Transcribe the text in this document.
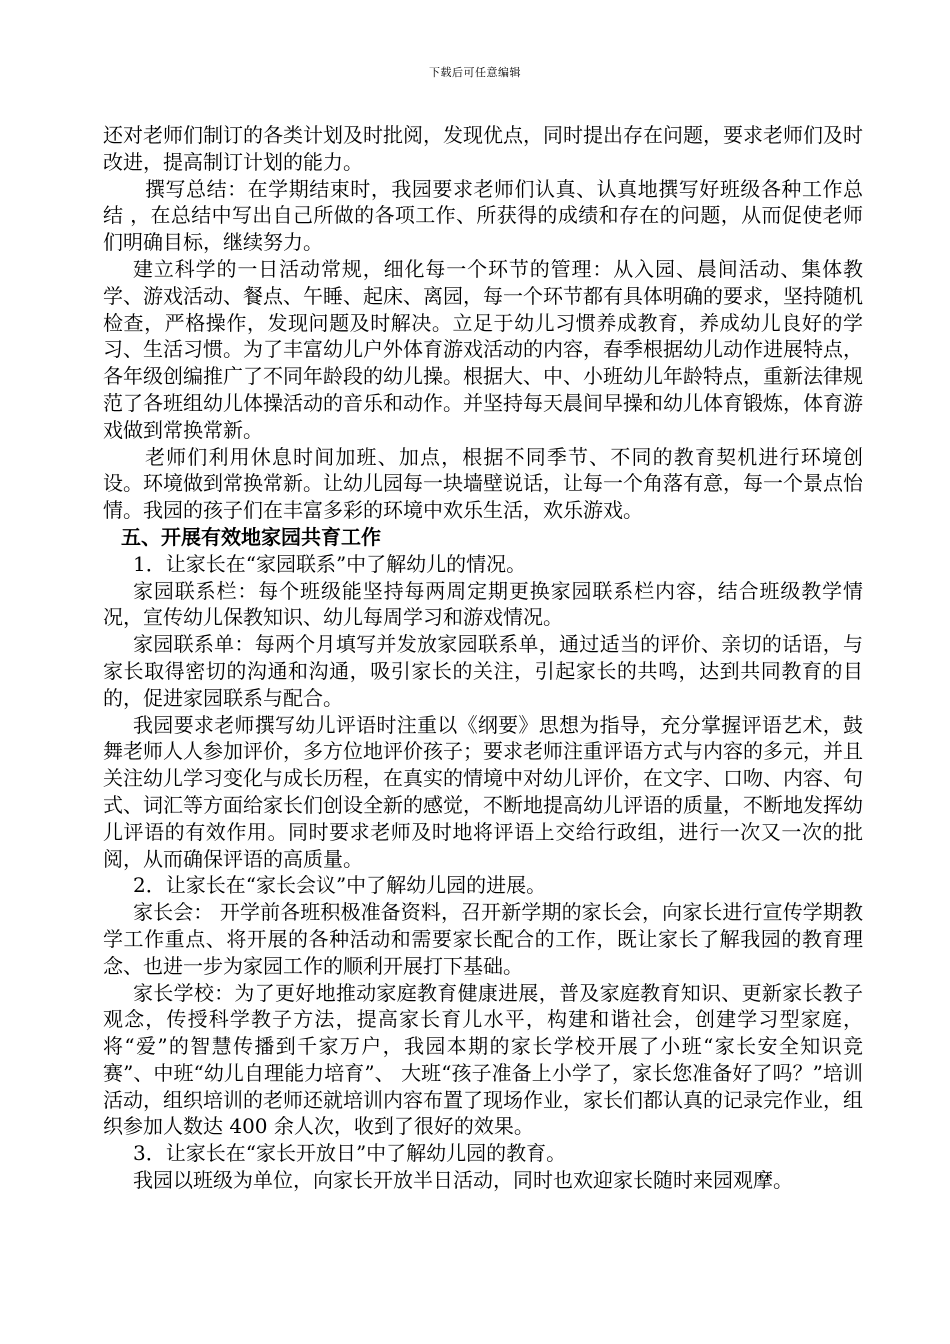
下载后可任意编辑

还对老师们制订的各类计划及时批阅，发现优点，同时提出存在问题，要求老师们及时改进，提高制订计划的能力。

撰写总结：在学期结束时，我园要求老师们认真、认真地撰写好班级各种工作总结 ，在总结中写出自己所做的各项工作、所获得的成绩和存在的问题，从而促使老师们明确目标，继续努力。

建立科学的一日活动常规，细化每一个环节的管理：从入园、晨间活动、集体教学、游戏活动、餐点、午睡、起床、离园，每一个环节都有具体明确的要求，坚持随机检查，严格操作，发现问题及时解决。立足于幼儿习惯养成教育，养成幼儿良好的学习、生活习惯。为了丰富幼儿户外体育游戏活动的内容，春季根据幼儿动作进展特点，各年级创编推广了不同年龄段的幼儿操。根据大、中、小班幼儿年龄特点，重新法律规范了各班组幼儿体操活动的音乐和动作。并坚持每天晨间早操和幼儿体育锻炼，体育游戏做到常换常新。

老师们利用休息时间加班、加点，根据不同季节、不同的教育契机进行环境创设。环境做到常换常新。让幼儿园每一块墙壁说话，让每一个角落有意，每一个景点怡情。我园的孩子们在丰富多彩的环境中欢乐生活，欢乐游戏。

五、开展有效地家园共育工作

1．让家长在“家园联系”中了解幼儿的情况。

家园联系栏：每个班级能坚持每两周定期更换家园联系栏内容，结合班级教学情况，宣传幼儿保教知识、幼儿每周学习和游戏情况。

家园联系单：每两个月填写并发放家园联系单，通过适当的评价、亲切的话语，与家长取得密切的沟通和沟通，吸引家长的关注，引起家长的共鸣，达到共同教育的目的，促进家园联系与配合。

我园要求老师撰写幼儿评语时注重以《纲要》思想为指导，充分掌握评语艺术，鼓舞老师人人参加评价，多方位地评价孩子；要求老师注重评语方式与内容的多元，并且关注幼儿学习变化与成长历程，在真实的情境中对幼儿评价，在文字、口吻、内容、句式、词汇等方面给家长们创设全新的感觉，不断地提高幼儿评语的质量，不断地发挥幼儿评语的有效作用。同时要求老师及时地将评语上交给行政组，进行一次又一次的批阅，从而确保评语的高质量。

2．让家长在“家长会议”中了解幼儿园的进展。

家长会： 开学前各班积极准备资料，召开新学期的家长会，向家长进行宣传学期教学工作重点、将开展的各种活动和需要家长配合的工作，既让家长了解我园的教育理念、也进一步为家园工作的顺利开展打下基础。

家长学校：为了更好地推动家庭教育健康进展，普及家庭教育知识、更新家长教子观念，传授科学教子方法，提高家长育儿水平，构建和谐社会，创建学习型家庭，将“爱”的智慧传播到千家万户，我园本期的家长学校开展了小班“家长安全知识竞赛”、中班“幼儿自理能力培育”、 大班“孩子准备上小学了，家长您准备好了吗？”培训活动，组织培训的老师还就培训内容布置了现场作业，家长们都认真的记录完作业，组织参加人数达 400 余人次，收到了很好的效果。

3．让家长在“家长开放日”中了解幼儿园的教育。

我园以班级为单位，向家长开放半日活动，同时也欢迎家长随时来园观摩。
